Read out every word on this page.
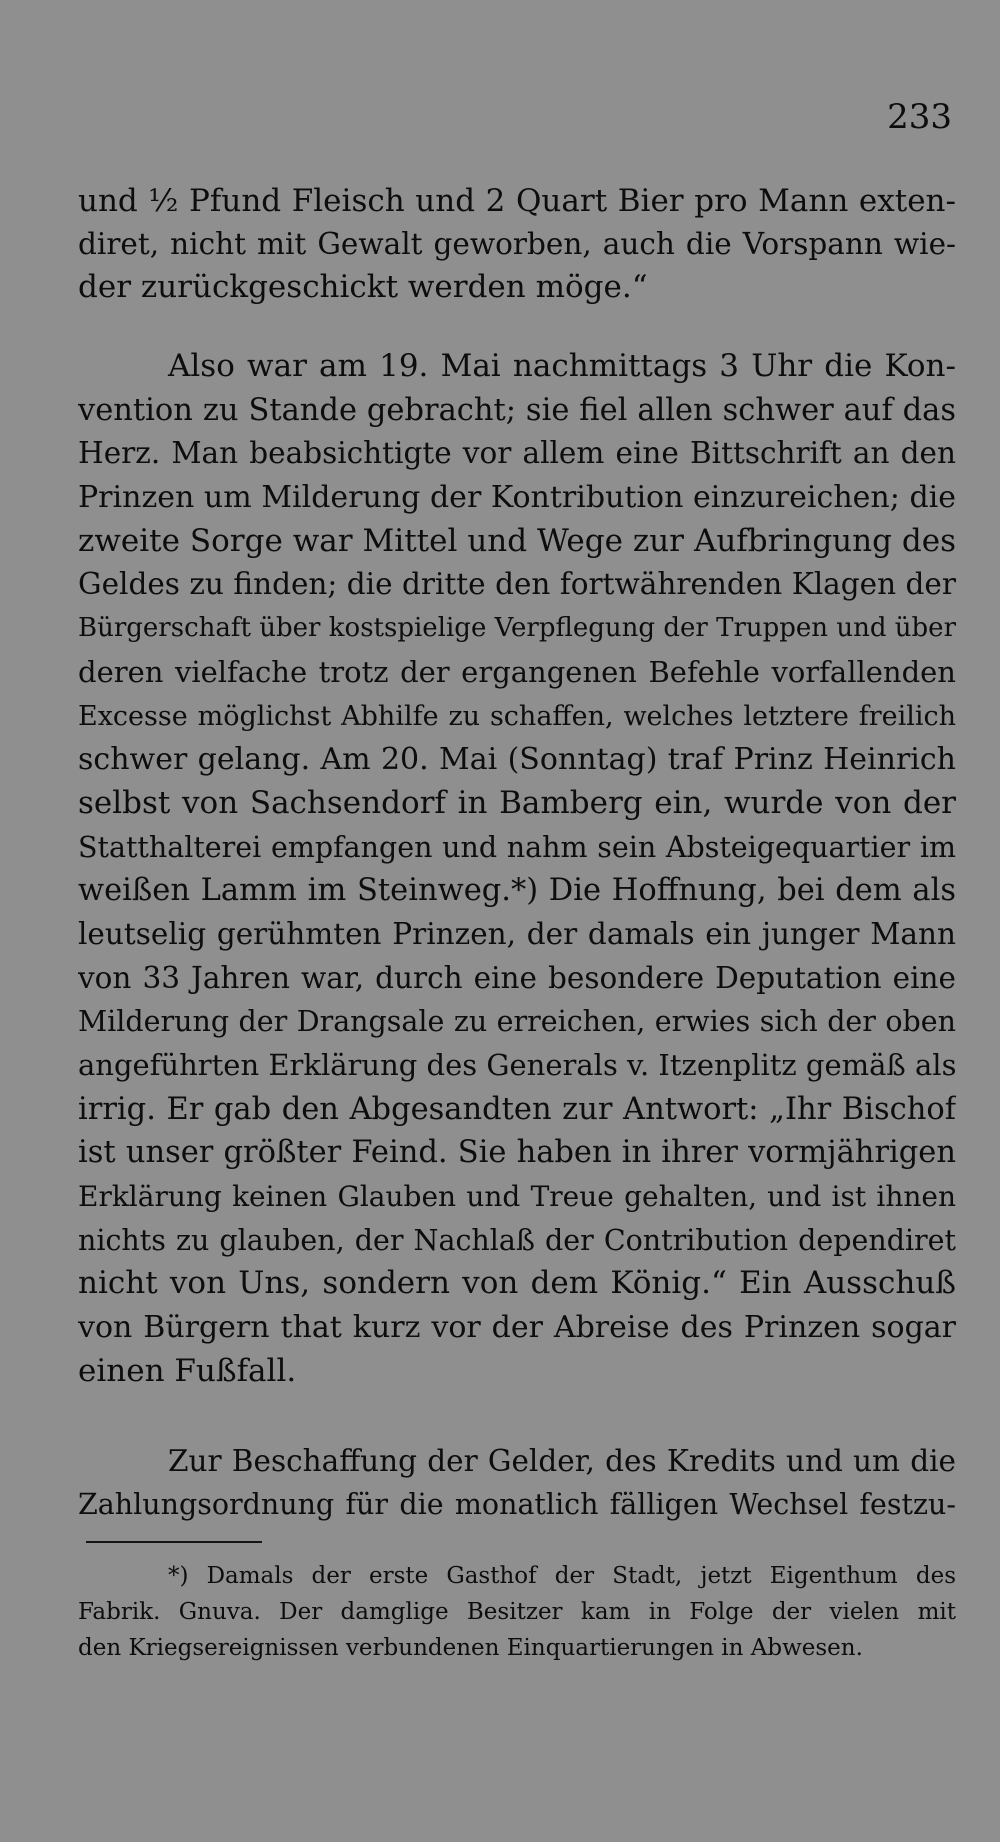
233
und ½ Pfund Fleisch und 2 Quart Bier pro Mann exten-
diret, nicht mit Gewalt geworben, auch die Vorspann wie-
der zurückgeschickt werden möge.“
Also war am 19. Mai nachmittags 3 Uhr die Kon-
vention zu Stande gebracht; sie fiel allen schwer auf das
Herz. Man beabsichtigte vor allem eine Bittschrift an den
Prinzen um Milderung der Kontribution einzureichen; die
zweite Sorge war Mittel und Wege zur Aufbringung des
Geldes zu finden; die dritte den fortwährenden Klagen der
Bürgerschaft über kostspielige Verpflegung der Truppen und über
deren vielfache trotz der ergangenen Befehle vorfallenden
Excesse möglichst Abhilfe zu schaffen, welches letztere freilich
schwer gelang. Am 20. Mai (Sonntag) traf Prinz Heinrich
selbst von Sachsendorf in Bamberg ein, wurde von der
Statthalterei empfangen und nahm sein Absteigequartier im
weißen Lamm im Steinweg.*) Die Hoffnung, bei dem als
leutselig gerühmten Prinzen, der damals ein junger Mann
von 33 Jahren war, durch eine besondere Deputation eine
Milderung der Drangsale zu erreichen, erwies sich der oben
angeführten Erklärung des Generals v. Itzenplitz gemäß als
irrig. Er gab den Abgesandten zur Antwort: „Ihr Bischof
ist unser größter Feind. Sie haben in ihrer vormjährigen
Erklärung keinen Glauben und Treue gehalten, und ist ihnen
nichts zu glauben, der Nachlaß der Contribution dependiret
nicht von Uns, sondern von dem König.“ Ein Ausschuß
von Bürgern that kurz vor der Abreise des Prinzen sogar
einen Fußfall.
Zur Beschaffung der Gelder, des Kredits und um die
Zahlungsordnung für die monatlich fälligen Wechsel festzu-
*) Damals der erste Gasthof der Stadt, jetzt Eigenthum des
Fabrik. Gnuva. Der damglige Besitzer kam in Folge der vielen mit
den Kriegsereignissen verbundenen Einquartierungen in Abwesen.
